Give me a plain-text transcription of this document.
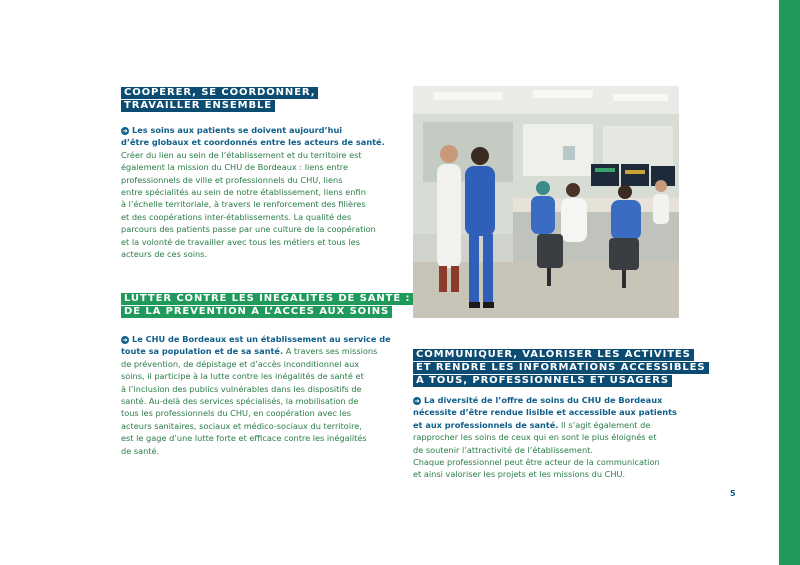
COOPÉRER, SE COORDONNER,
TRAVAILLER ENSEMBLE

➜ Les soins aux patients se doivent aujourd’hui
d’être globaux et coordonnés entre les acteurs de santé.
Créer du lien au sein de l’établissement et du territoire est
également la mission du CHU de Bordeaux : liens entre
professionnels de ville et professionnels du CHU, liens
entre spécialités au sein de notre établissement, liens enfin
à l’échelle territoriale, à travers le renforcement des filières
et des coopérations inter-établissements. La qualité des
parcours des patients passe par une culture de la coopération
et la volonté de travailler avec tous les métiers et tous les
acteurs de ces soins.

LUTTER CONTRE LES INÉGALITÉS DE SANTÉ :
DE LA PRÉVENTION À L’ACCÈS AUX SOINS

➜ Le CHU de Bordeaux est un établissement au service de
toute sa population et de sa santé. A travers ses missions
de prévention, de dépistage et d’accès inconditionnel aux
soins, il participe à la lutte contre les inégalités de santé et
à l’inclusion des publics vulnérables dans les dispositifs de
santé. Au-delà des services spécialisés, la mobilisation de
tous les professionnels du CHU, en coopération avec les
acteurs sanitaires, sociaux et médico-sociaux du territoire,
est le gage d’une lutte forte et efficace contre les inégalités
de santé.

COMMUNIQUER, VALORISER LES ACTIVITÉS
ET RENDRE LES INFORMATIONS ACCESSIBLES
À TOUS, PROFESSIONNELS ET USAGERS

➜ La diversité de l’offre de soins du CHU de Bordeaux
nécessite d’être rendue lisible et accessible aux patients
et aux professionnels de santé. Il s’agit également de
rapprocher les soins de ceux qui en sont le plus éloignés et
de soutenir l’attractivité de l’établissement.
Chaque professionnel peut être acteur de la communication
et ainsi valoriser les projets et les missions du CHU.

5
